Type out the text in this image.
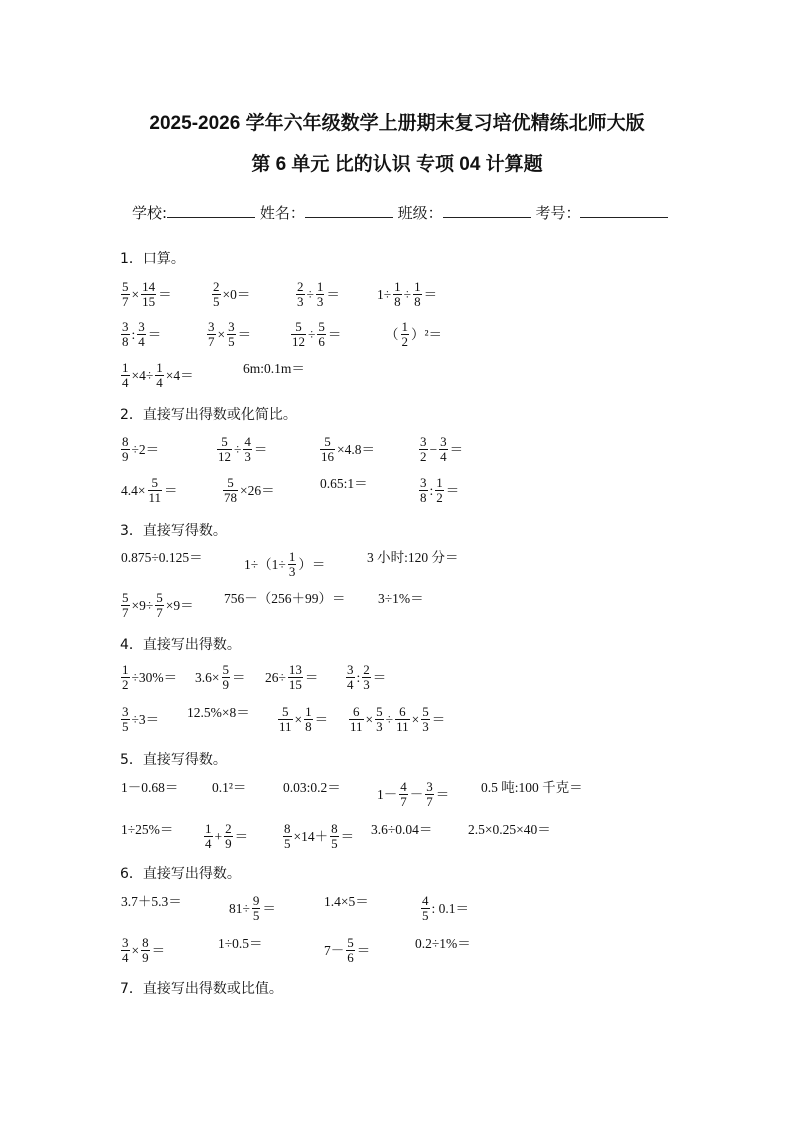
2025-2026 学年六年级数学上册期末复习培优精练北师大版
第 6 单元 比的认识 专项 04 计算题
学校:	姓名：	班级：	考号：
1．口算。
$\frac{5}{7} \times \frac{14}{15}$ ＝	$\frac{2}{5} \times 0=$	$\frac{2}{3} \div \frac{1}{3}$ ＝	$1\div \frac{1}{8} \div \frac{1}{8}$ ＝
$\frac{3}{8}$ : $\frac{3}{4}$ ＝	$\frac{3}{7} \times \frac{3}{5}$ ＝	$\frac{5}{12} \div \frac{5}{6}$ ＝	（ $\frac{1}{2} )^2=$
$\frac{1}{4} \times 4\div \frac{1}{4} \times 4=$	6m:0.1m＝
2．直接写出得数或化简比。
$\frac{8}{9} \div 2=$	$\frac{5}{12} \div \frac{4}{3}$ ＝	$\frac{5}{16} \times 4.8=$	$\frac{3}{2} - \frac{3}{4}$ ＝
$4.4\times \frac{5}{11}$ ＝	$\frac{5}{78} \times 26=$	0.65:1＝	$\frac{3}{8}$ : $\frac{1}{2}$ ＝
3．直接写得数。
0.875÷0.125＝	$1\div(1\div \frac{1}{3}$ ）＝	3 小时:120 分＝
$\frac{5}{7} \times 9\div \frac{5}{7} \times 9= 756-(256+99)= 3\div 1\%=$
4．直接写出得数。
$\frac{1}{2} \div 30\%= 3.6\times \frac{5}{9} = 26\div \frac{13}{15} = \frac{3}{4}$ : $\frac{2}{3}$ ＝
$\frac{3}{5} \div 3= 12.5\%\times 8= \frac{5}{11} \times \frac{1}{8} = \frac{6}{11} \times \frac{5}{3} \div \frac{6}{11} \times \frac{5}{3}$ ＝
5．直接写得数。
1－0.68＝ 0.1²＝	0.03:0.2＝	$1- \frac{4}{7} - \frac{3}{7} = 0.5$ 吨:100 千克＝
$1\div 25\%= \frac{1}{4} + \frac{2}{9}$ ＝	$\frac{8}{5} \times 14+ \frac{8}{5} = 3.6\div 0.04=$	2.5×0.25×40＝
6．直接写出得数。
3.7＋5.3＝	$81\div \frac{9}{5}$ ＝	1.4×5＝	$\frac{4}{5}$ : 0.1＝
$\frac{3}{4} \times \frac{8}{9}$ ＝	1÷0.5＝	$7- \frac{5}{6}$ ＝	0.2÷1%＝
7．直接写出得数或比值。
